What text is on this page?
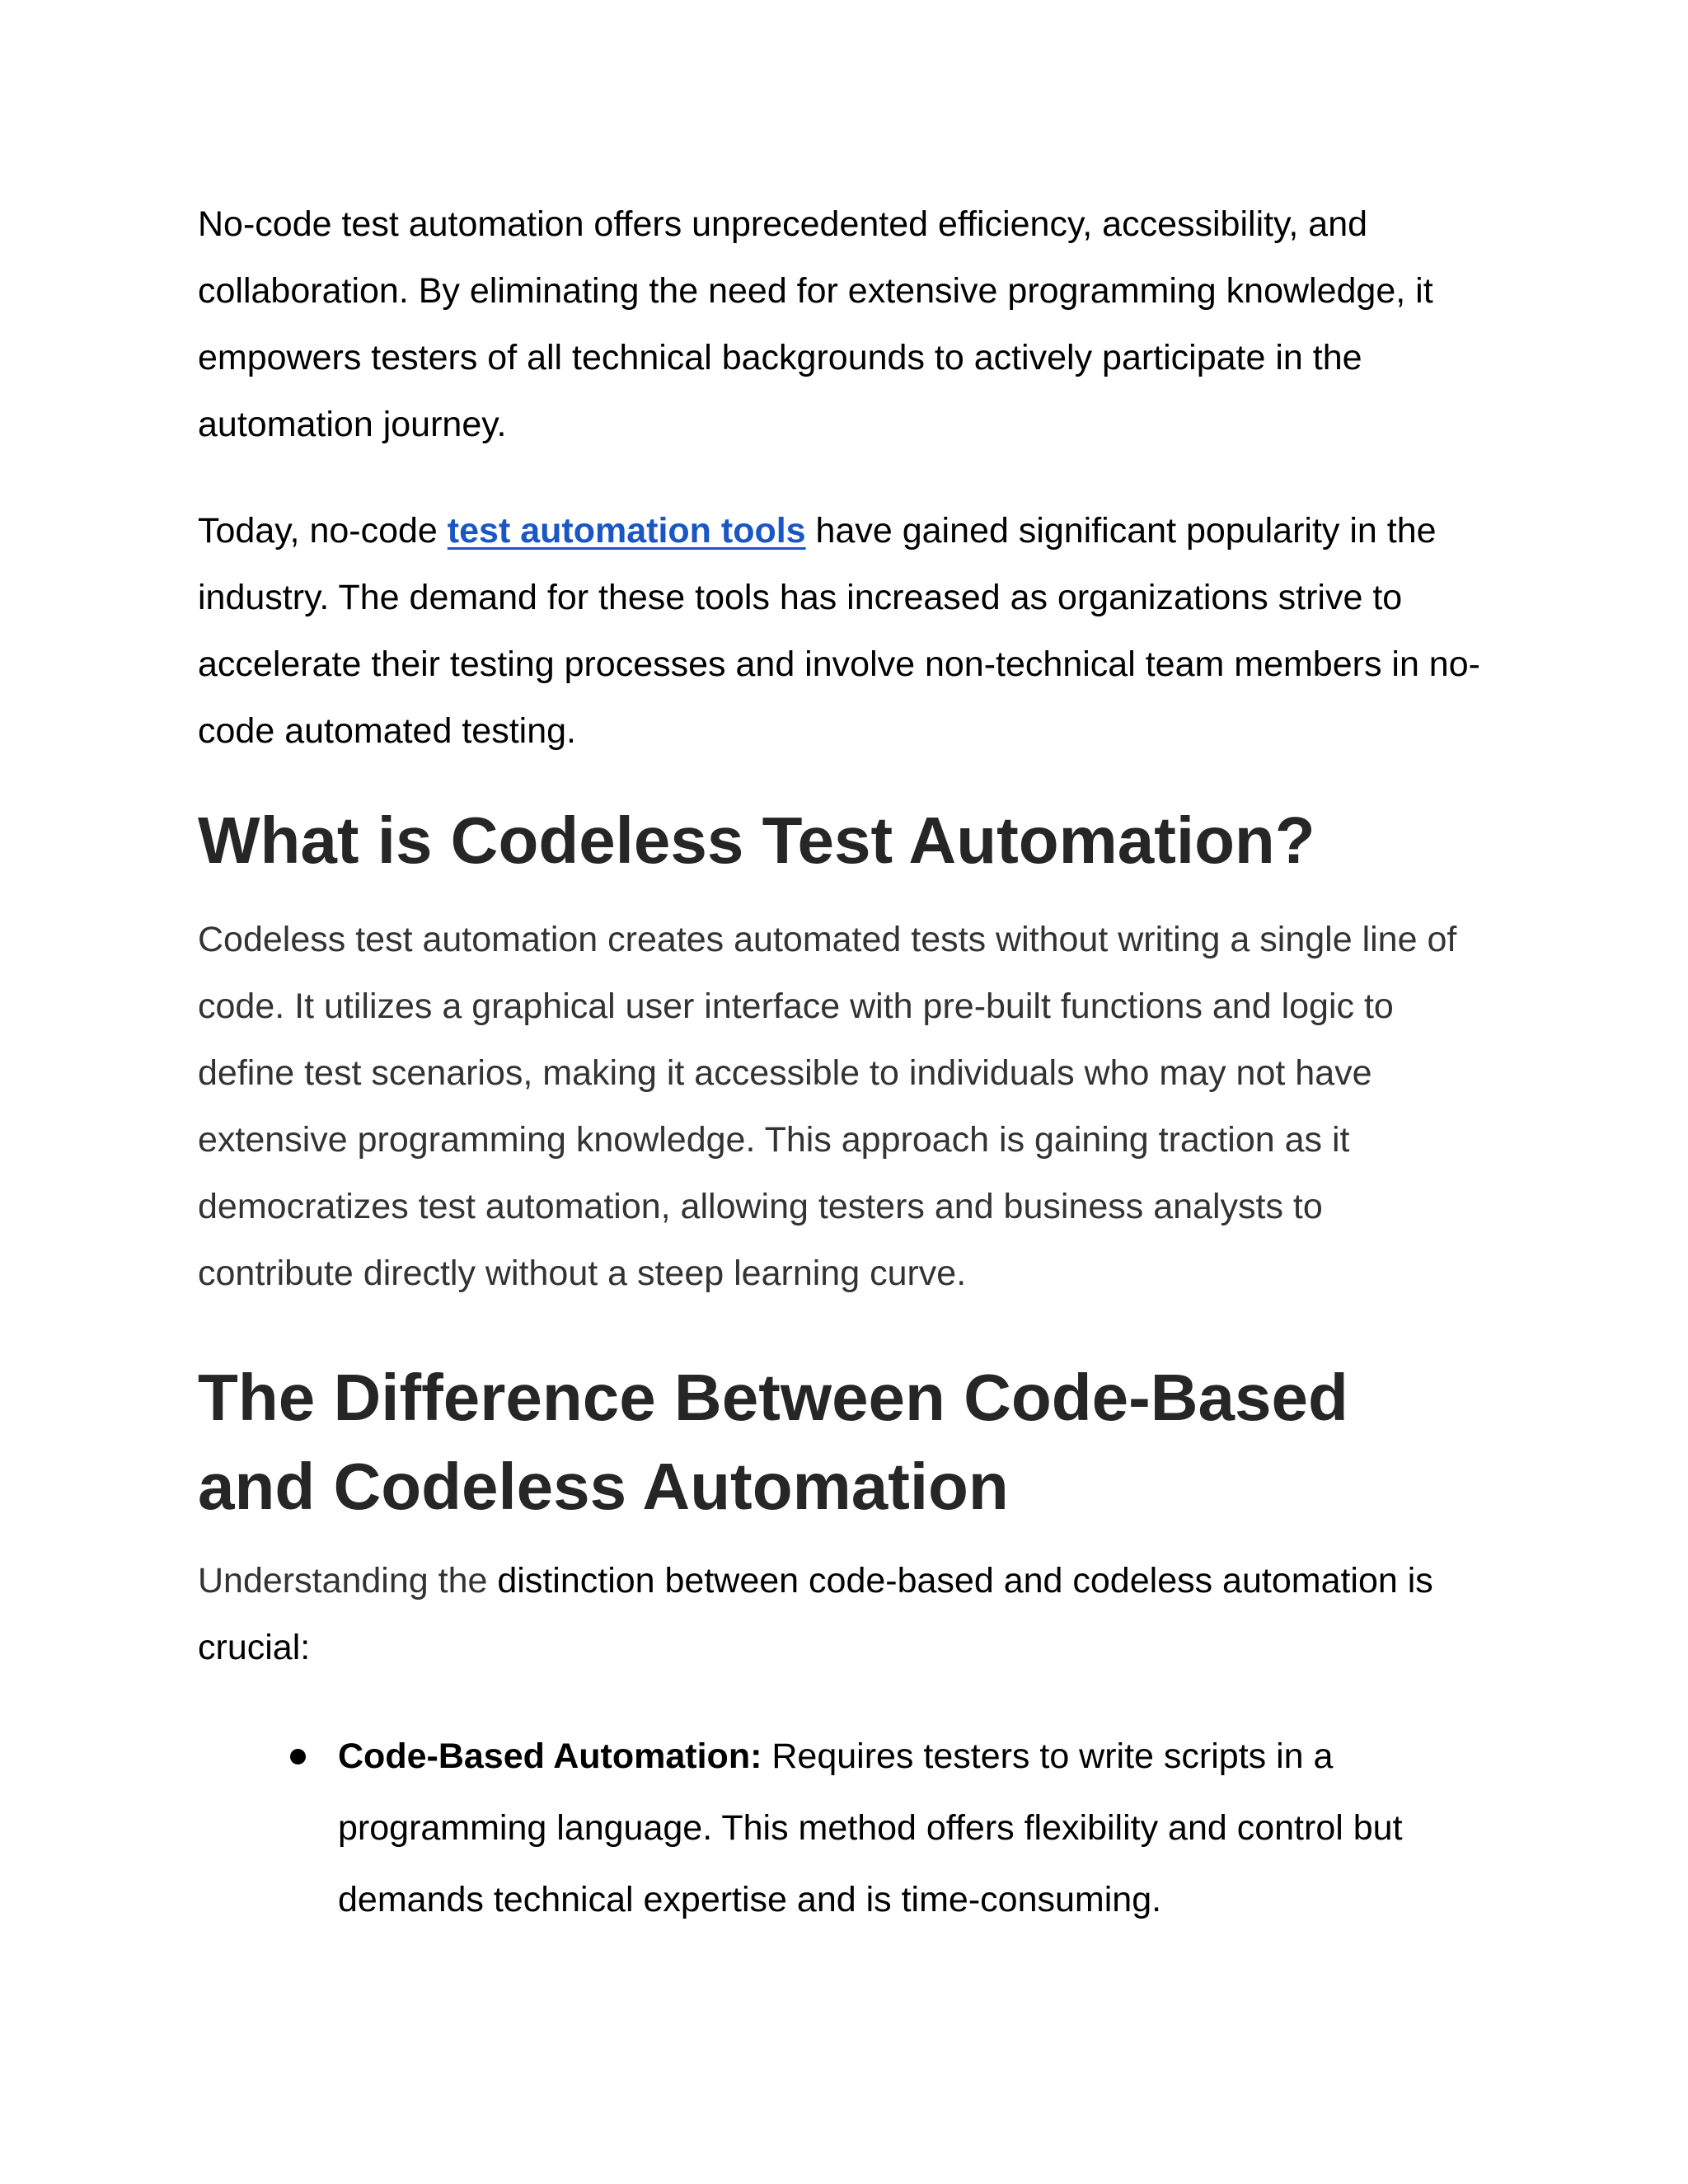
No-code test automation offers unprecedented efficiency, accessibility, and collaboration. By eliminating the need for extensive programming knowledge, it empowers testers of all technical backgrounds to actively participate in the automation journey.

Today, no-code test automation tools have gained significant popularity in the industry. The demand for these tools has increased as organizations strive to accelerate their testing processes and involve non-technical team members in no-code automated testing.

What is Codeless Test Automation?

Codeless test automation creates automated tests without writing a single line of code. It utilizes a graphical user interface with pre-built functions and logic to define test scenarios, making it accessible to individuals who may not have extensive programming knowledge. This approach is gaining traction as it democratizes test automation, allowing testers and business analysts to contribute directly without a steep learning curve.

The Difference Between Code-Based and Codeless Automation

Understanding the distinction between code-based and codeless automation is crucial:

Code-Based Automation: Requires testers to write scripts in a programming language. This method offers flexibility and control but demands technical expertise and is time-consuming.
